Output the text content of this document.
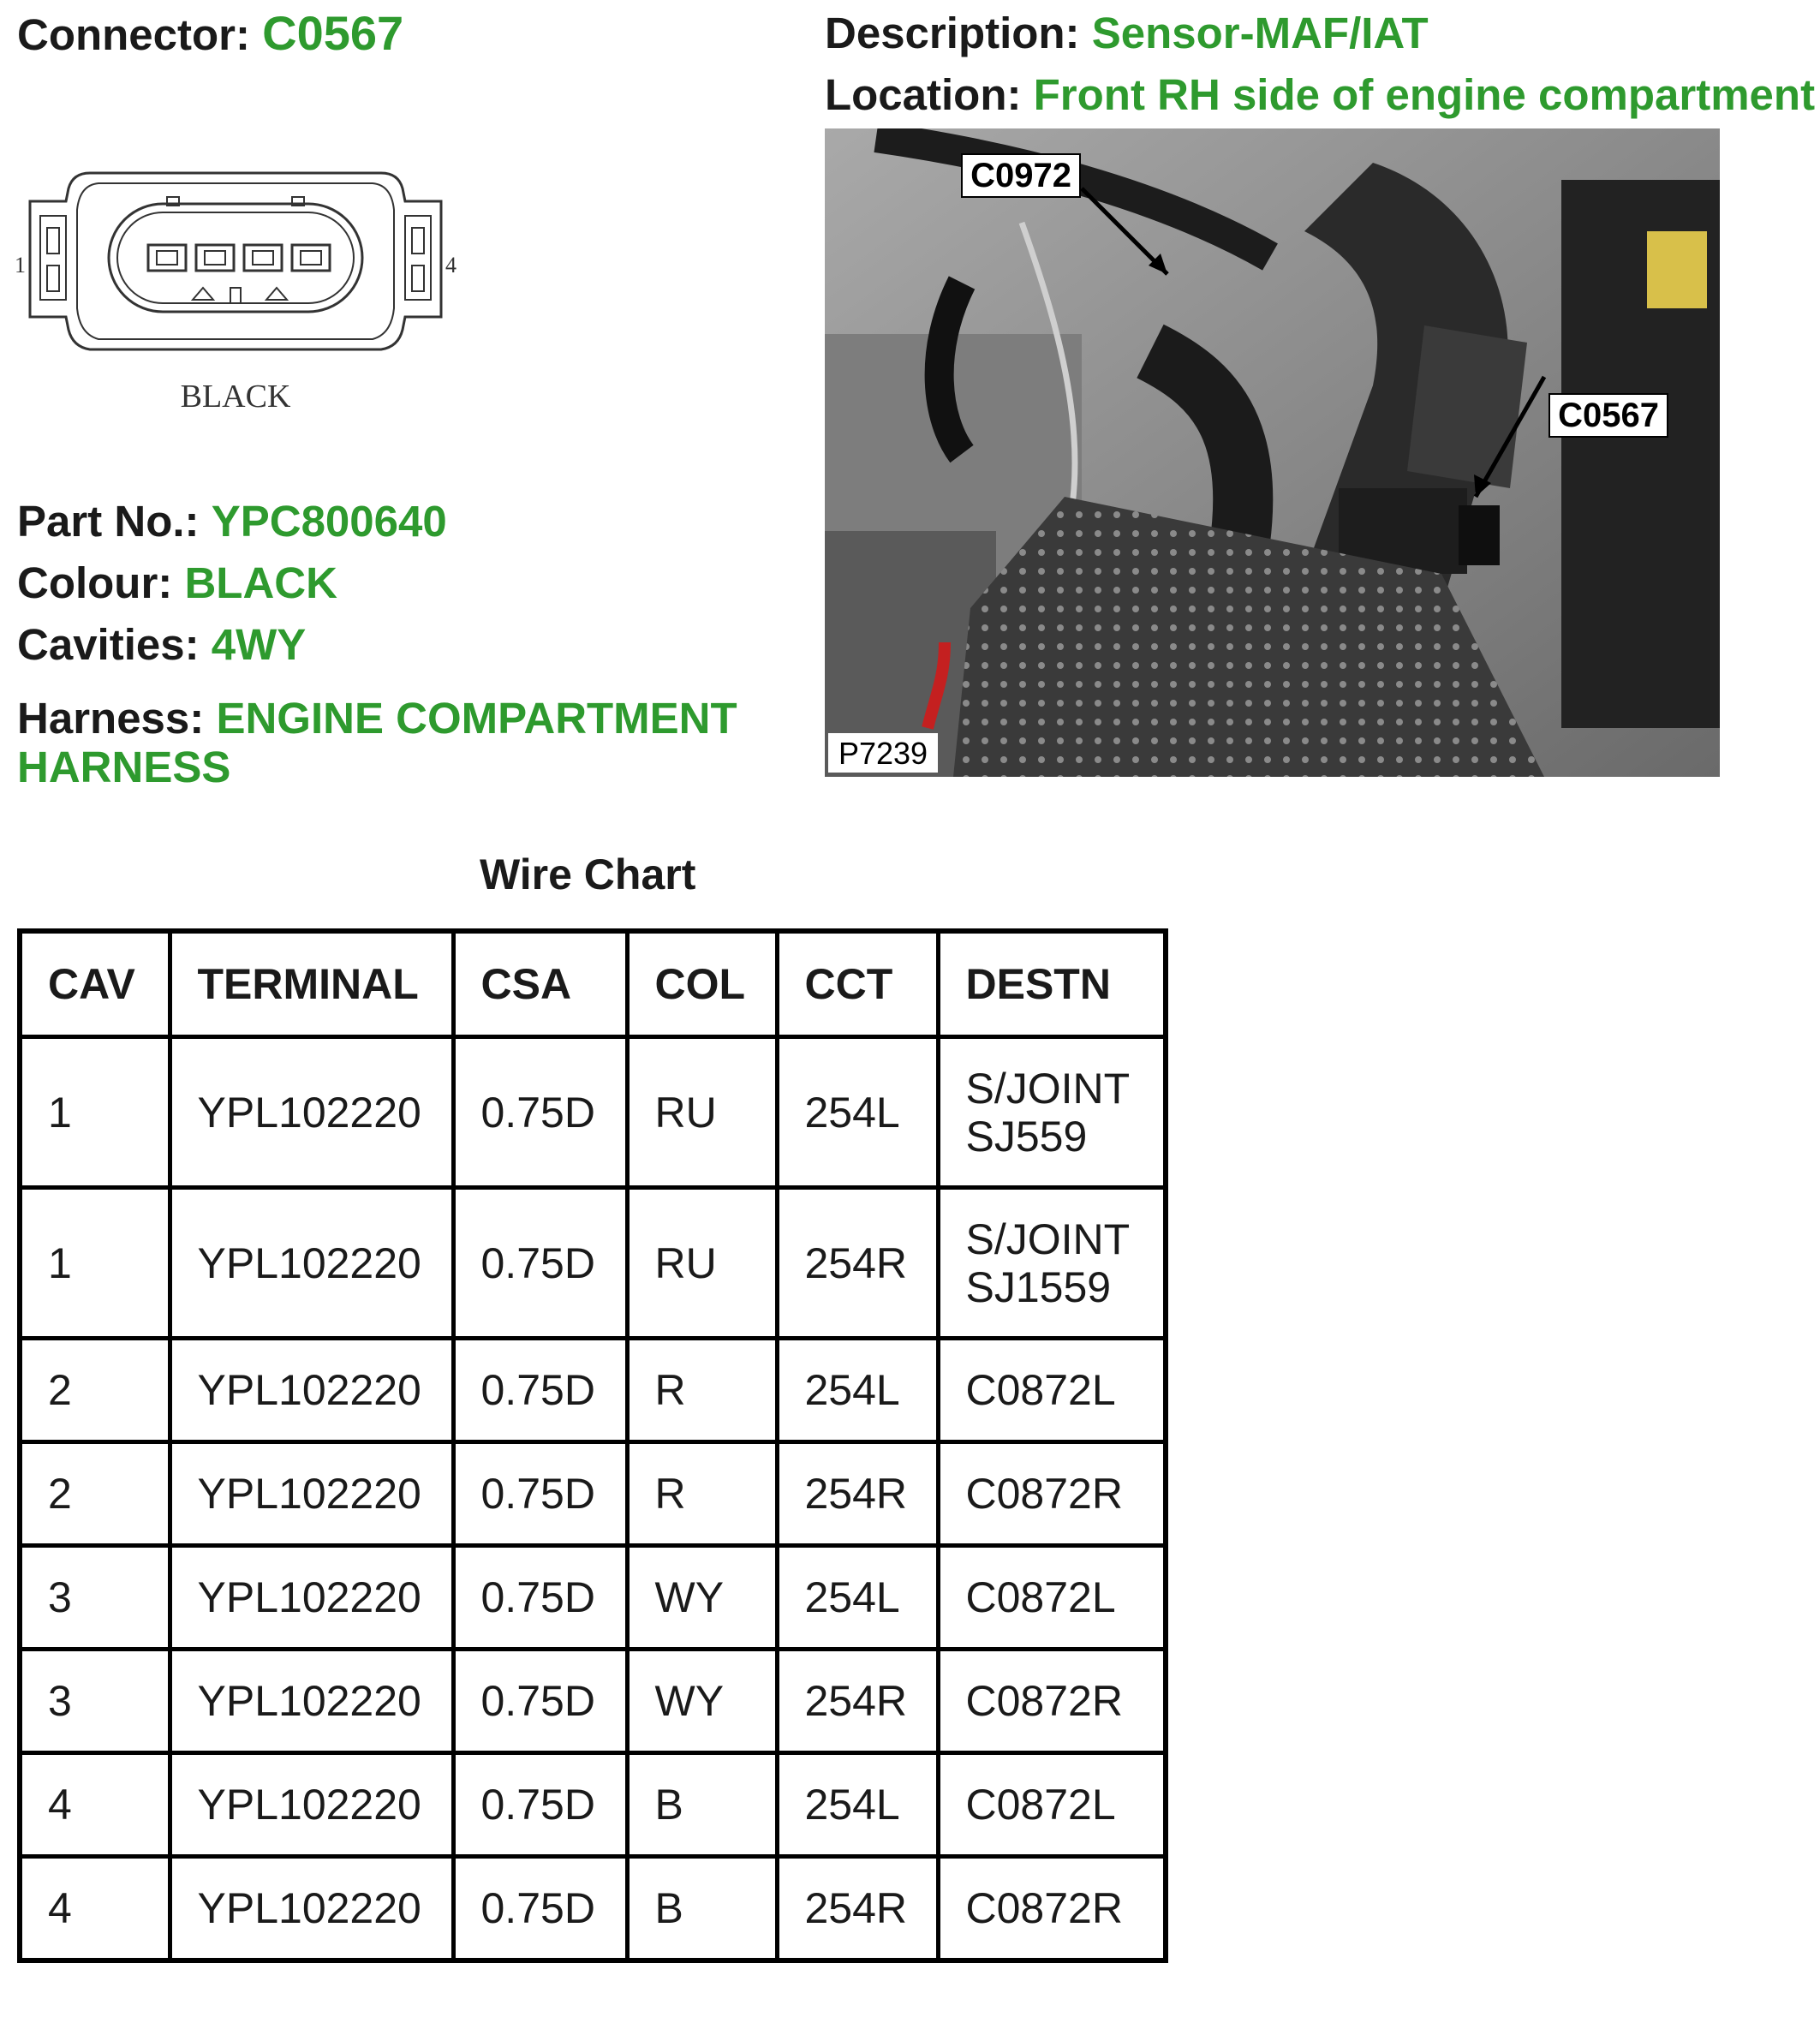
Connector: C0567	Description: Sensor-MAF/IAT
Location: Front RH side of engine compartment
1	4
BLACK
Part No.: YPC800640
Colour: BLACK
Cavities: 4WY
Harness: ENGINE COMPARTMENT
HARNESS
C0972
C0567
P7239
Wire Chart
CAV	TERMINAL	CSA	COL	CCT	DESTN
1	YPL102220	0.75D	RU	254L	S/JOINT
SJ559

1	YPL102220	0.75D	RU	254R	S/JOINT
SJ1559

2	YPL102220	0.75D	R	254L	C0872L
2	YPL102220	0.75D	R	254R	C0872R
3	YPL102220	0.75D	WY	254L	C0872L
3	YPL102220	0.75D	WY	254R	C0872R
4	YPL102220	0.75D	B	254L	C0872L
4	YPL102220	0.75D	B	254R	C0872R
